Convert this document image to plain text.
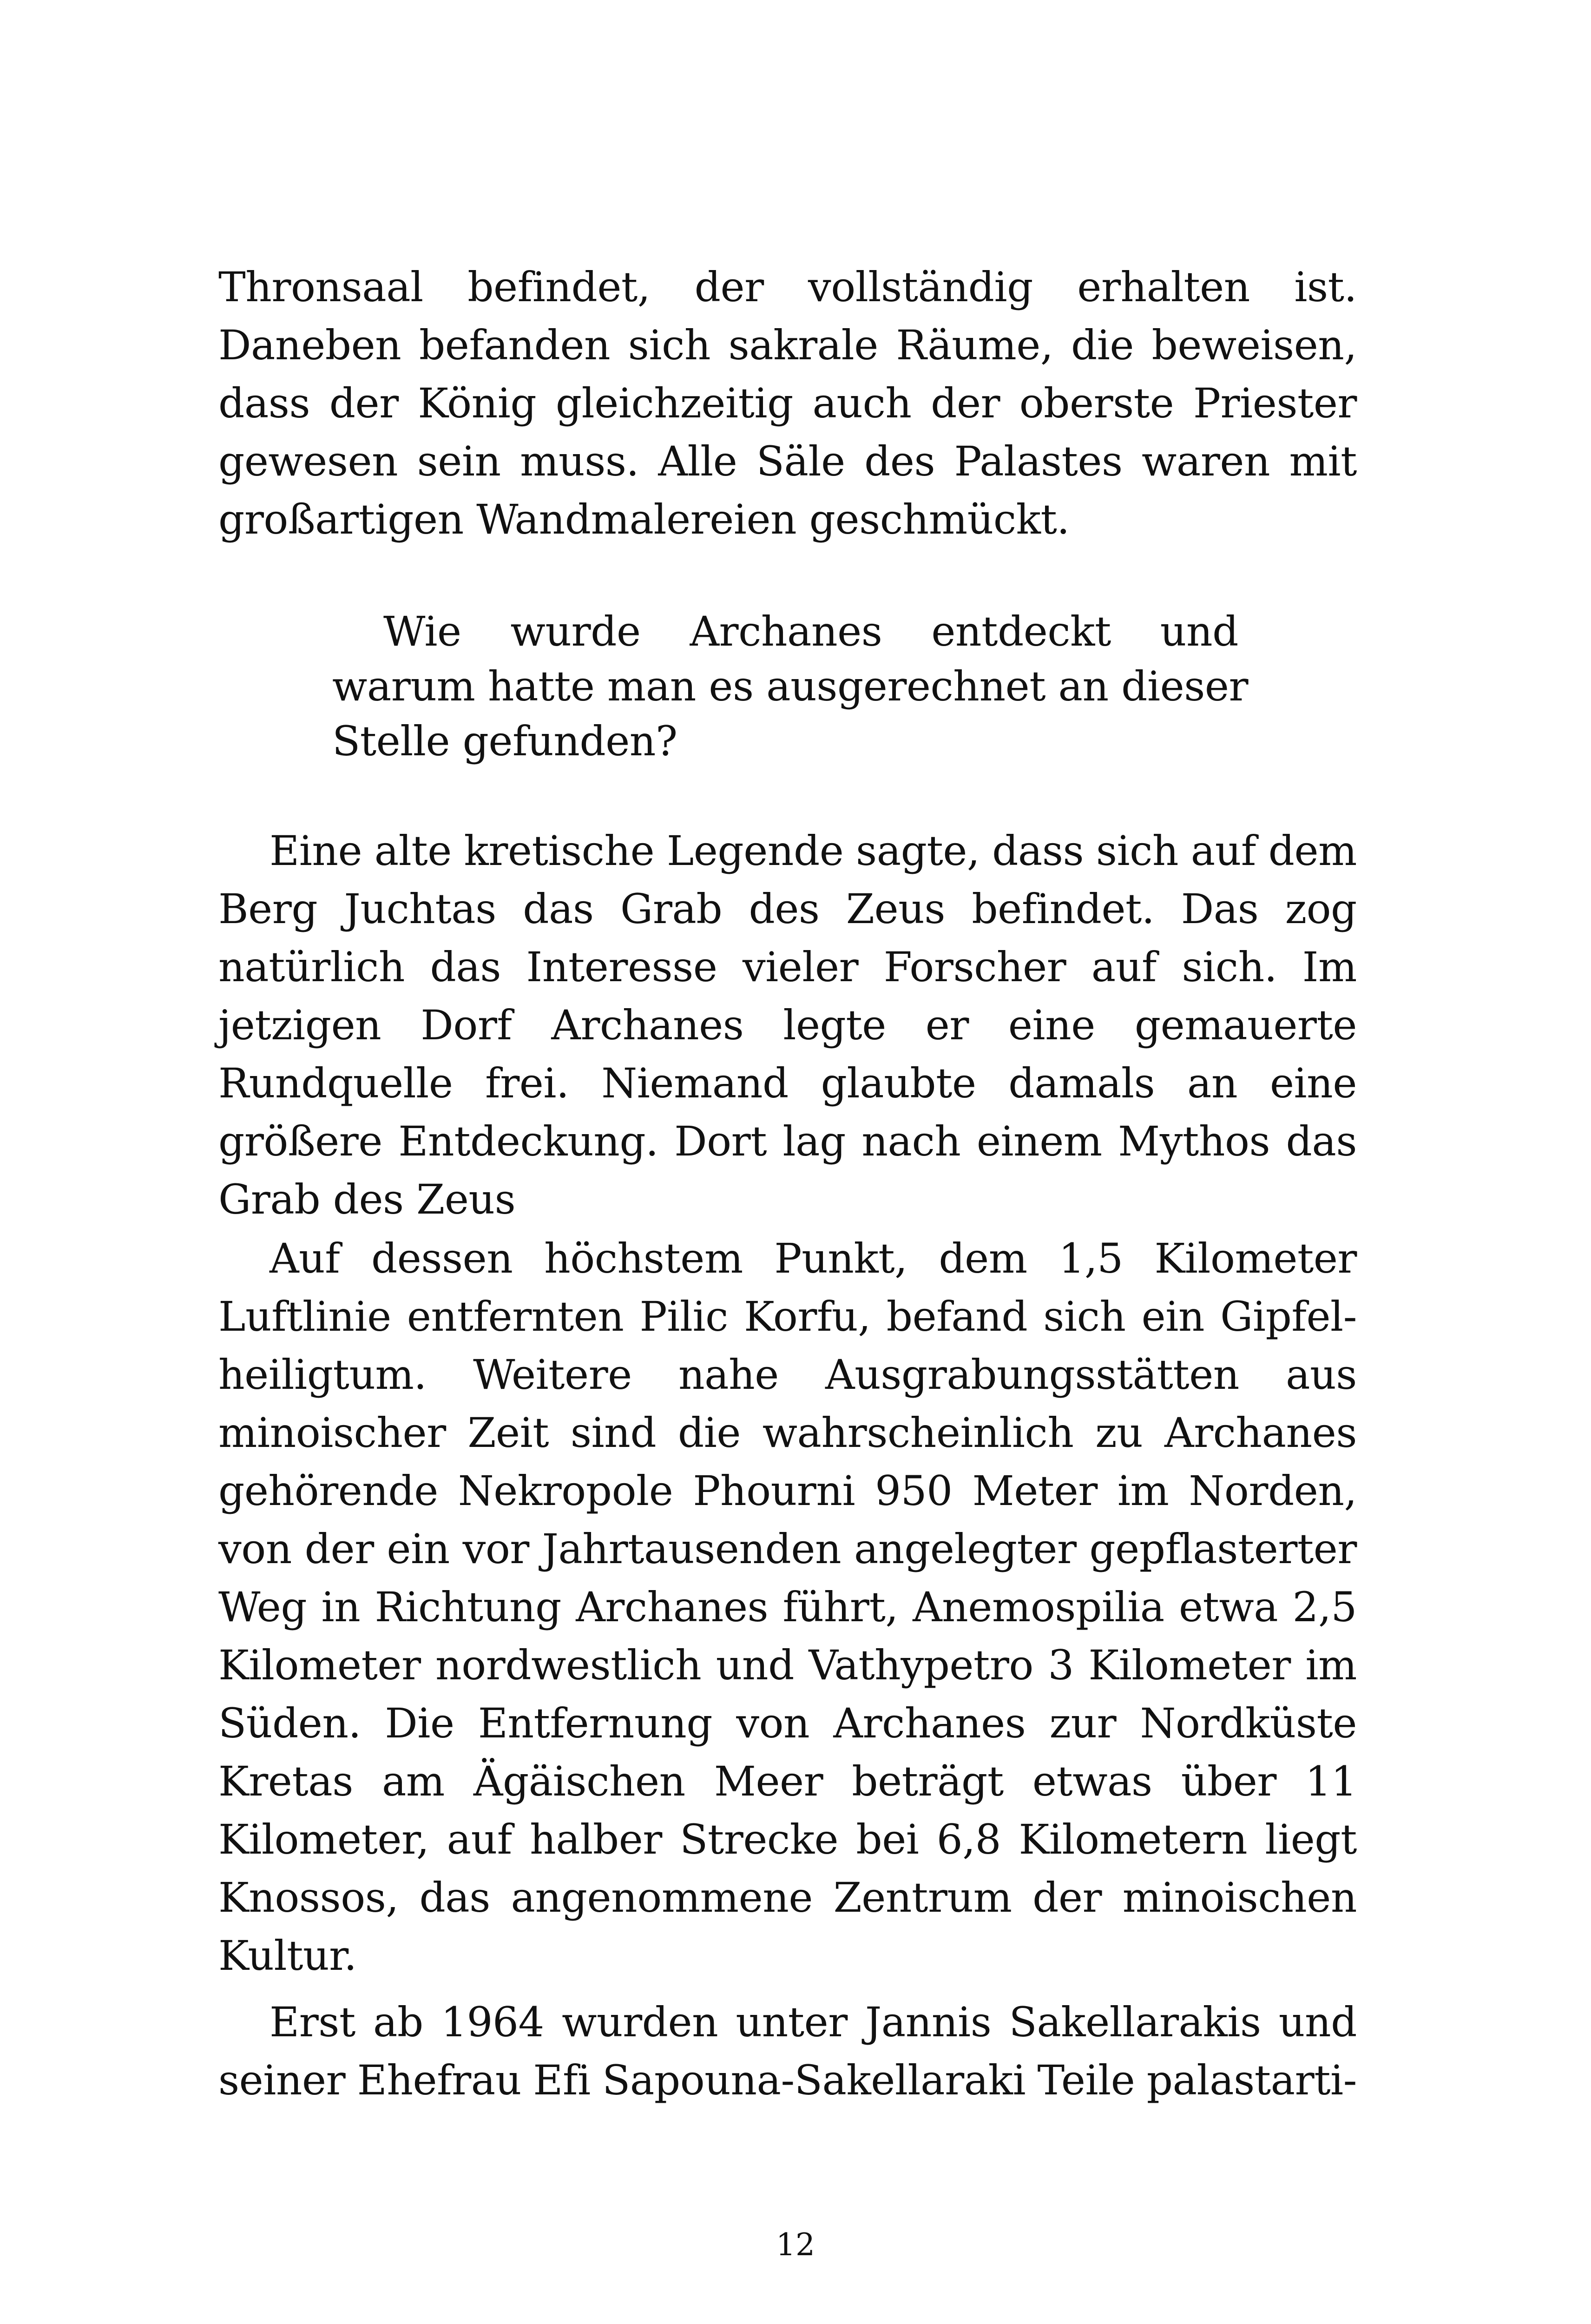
Thronsaal befindet, der vollständig erhalten ist.
Daneben befanden sich sakrale Räume, die beweisen,
dass der König gleichzeitig auch der oberste Priester
gewesen sein muss. Alle Säle des Palastes waren mit
großartigen Wandmalereien geschmückt.
Wie wurde Archanes entdeckt und
warum hatte man es ausgerechnet an dieser
Stelle gefunden?
Eine alte kretische Legende sagte, dass sich auf dem
Berg Juchtas das Grab des Zeus befindet. Das zog
natürlich das Interesse vieler Forscher auf sich. Im
jetzigen Dorf Archanes legte er eine gemauerte
Rundquelle frei. Niemand glaubte damals an eine
größere Entdeckung. Dort lag nach einem Mythos das
Grab des Zeus
Auf dessen höchstem Punkt, dem 1,5 Kilometer
Luftlinie entfernten Pilic Korfu, befand sich ein Gipfel-
heiligtum. Weitere nahe Ausgrabungsstätten aus
minoischer Zeit sind die wahrscheinlich zu Archanes
gehörende Nekropole Phourni 950 Meter im Norden,
von der ein vor Jahrtausenden angelegter gepflasterter
Weg in Richtung Archanes führt, Anemospilia etwa 2,5
Kilometer nordwestlich und Vathypetro 3 Kilometer im
Süden. Die Entfernung von Archanes zur Nordküste
Kretas am Ägäischen Meer beträgt etwas über 11
Kilometer, auf halber Strecke bei 6,8 Kilometern liegt
Knossos, das angenommene Zentrum der minoischen
Kultur.
Erst ab 1964 wurden unter Jannis Sakellarakis und
seiner Ehefrau Efi Sapouna-Sakellaraki Teile palastarti-
12
